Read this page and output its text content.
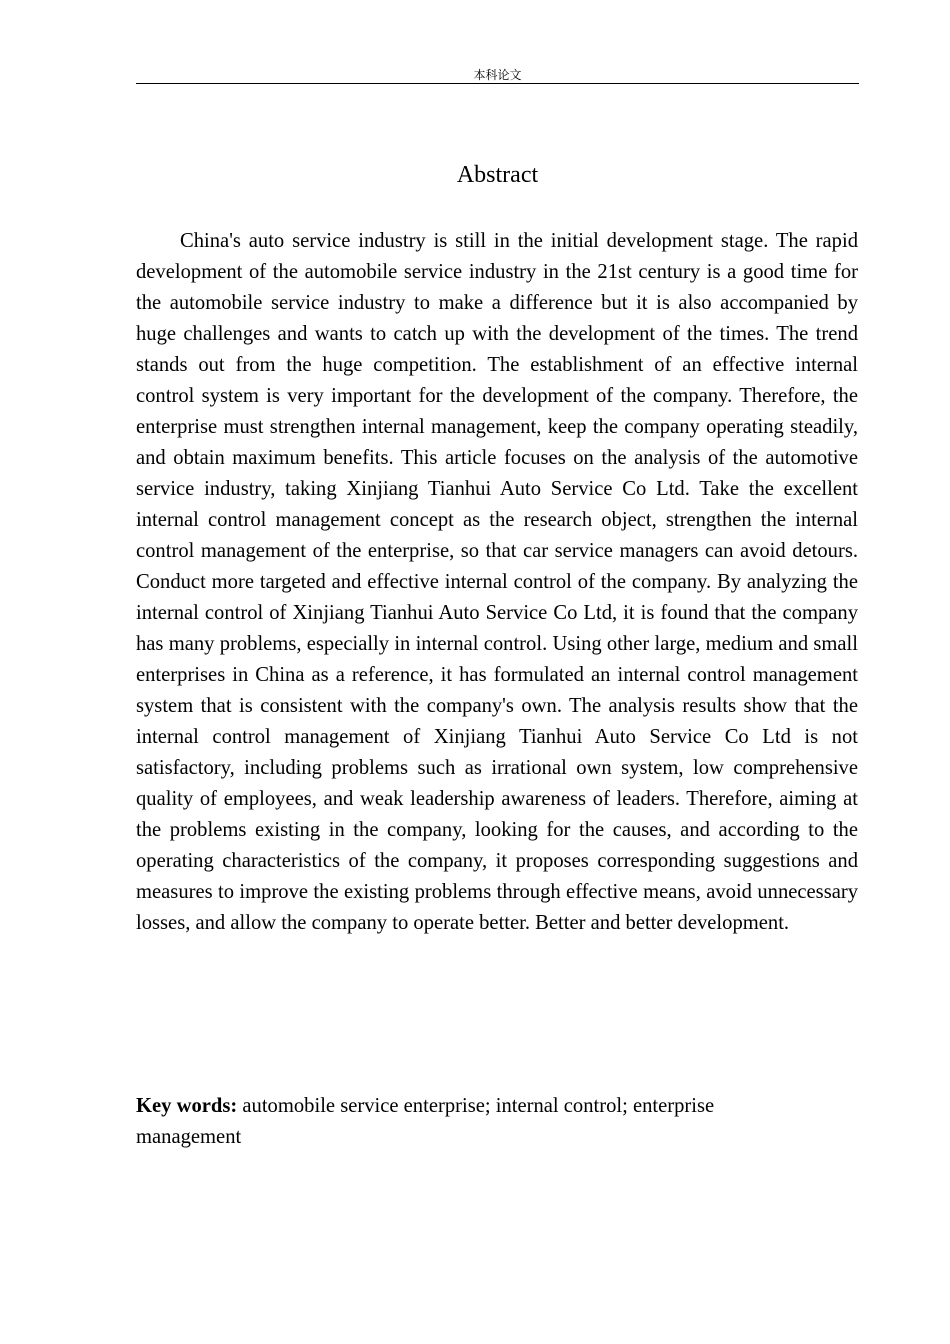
本科论文
Abstract

China's auto service industry is still in the initial development stage. The rapid development of the automobile service industry in the 21st century is a good time for the automobile service industry to make a difference but it is also accompanied by huge challenges and wants to catch up with the development of the times. The trend stands out from the huge competition. The establishment of an effective internal control system is very important for the development of the company. Therefore, the enterprise must strengthen internal management, keep the company operating steadily, and obtain maximum benefits. This article focuses on the analysis of the automotive service industry, taking Xinjiang Tianhui Auto Service Co Ltd. Take the excellent internal control management concept as the research object, strengthen the internal control management of the enterprise, so that car service managers can avoid detours. Conduct more targeted and effective internal control of the company. By analyzing the internal control of Xinjiang Tianhui Auto Service Co Ltd, it is found that the company has many problems, especially in internal control. Using other large, medium and small enterprises in China as a reference, it has formulated an internal control management system that is consistent with the company's own. The analysis results show that the internal control management of Xinjiang Tianhui Auto Service Co Ltd is not satisfactory, including problems such as irrational own system, low comprehensive quality of employees, and weak leadership awareness of leaders. Therefore, aiming at the problems existing in the company, looking for the causes, and according to the operating characteristics of the company, it proposes corresponding suggestions and measures to improve the existing problems through effective means, avoid unnecessary losses, and allow the company to operate better. Better and better development.

Key words: automobile service enterprise; internal control; enterprise management
